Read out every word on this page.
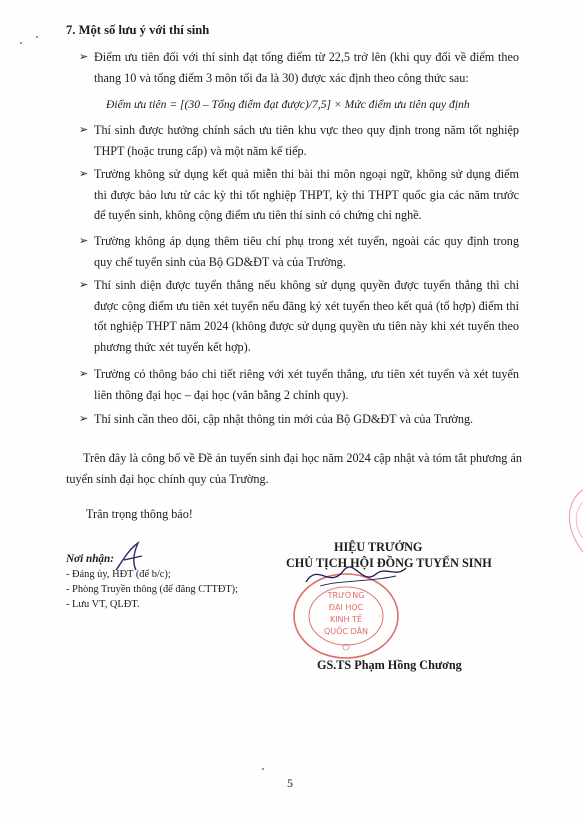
7. Một số lưu ý với thí sinh
➢ Điểm ưu tiên đối với thí sinh đạt tổng điểm từ 22,5 trở lên (khi quy đổi về điểm theo thang 10 và tổng điểm 3 môn tối đa là 30) được xác định theo công thức sau:
Điểm ưu tiên = [(30 – Tổng điểm đạt được)/7,5] × Mức điểm ưu tiên quy định
➢ Thí sinh được hưởng chính sách ưu tiên khu vực theo quy định trong năm tốt nghiệp THPT (hoặc trung cấp) và một năm kế tiếp.
➢ Trường không sử dụng kết quả miễn thi bài thi môn ngoại ngữ, không sử dụng điểm thi được bảo lưu từ các kỳ thi tốt nghiệp THPT, kỳ thi THPT quốc gia các năm trước để tuyển sinh, không cộng điểm ưu tiên thí sinh có chứng chỉ nghề.
➢ Trường không áp dụng thêm tiêu chí phụ trong xét tuyển, ngoài các quy định trong quy chế tuyển sinh của Bộ GD&ĐT và của Trường.
➢ Thí sinh diện được tuyển thẳng nếu không sử dụng quyền được tuyển thẳng thì chỉ được cộng điểm ưu tiên xét tuyển nếu đăng ký xét tuyển theo kết quả (tổ hợp) điểm thi tốt nghiệp THPT năm 2024 (không được sử dụng quyền ưu tiên này khi xét tuyển theo phương thức xét tuyển kết hợp).
➢ Trường có thông báo chi tiết riêng với xét tuyển thẳng, ưu tiên xét tuyển và xét tuyển liên thông đại học – đại học (văn bằng 2 chính quy).
➢ Thí sinh cần theo dõi, cập nhật thông tin mới của Bộ GD&ĐT và của Trường.
Trên đây là công bố về Đề án tuyển sinh đại học năm 2024 cập nhật và tóm tắt phương án tuyển sinh đại học chính quy của Trường.
Trân trọng thông báo!
HIỆU TRƯỞNG
CHỦ TỊCH HỘI ĐỒNG TUYỂN SINH
Nơi nhận:
- Đảng ủy, HĐT (để b/c);
- Phòng Truyền thông (để đăng CTTĐT);
- Lưu VT, QLĐT.
TRƯỜNG
ĐẠI HỌC
KINH TẾ
QUỐC DÂN
GS.TS Phạm Hồng Chương
5
